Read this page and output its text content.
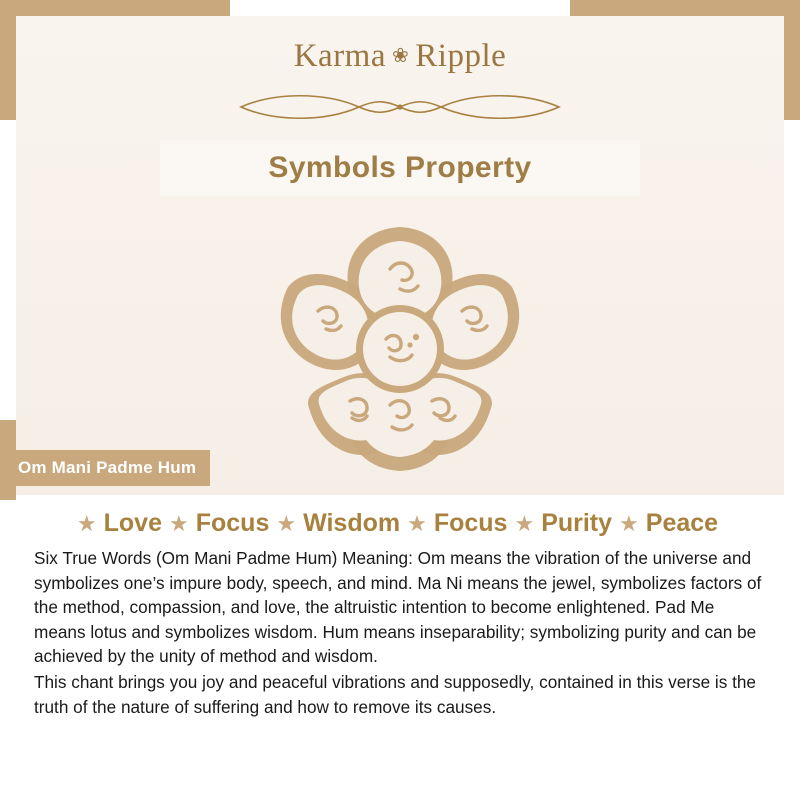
Karma ❀ Ripple
Symbols Property
Om Mani Padme Hum
★ Love ★ Focus ★ Wisdom ★ Focus ★ Purity ★ Peace

Six True Words (Om Mani Padme Hum) Meaning: Om means the vibration of the universe and symbolizes one’s impure body, speech, and mind. Ma Ni means the jewel, symbolizes factors of the method, compassion, and love, the altruistic intention to become enlightened. Pad Me means lotus and symbolizes wisdom. Hum means inseparability; symbolizing purity and can be achieved by the unity of method and wisdom.

This chant brings you joy and peaceful vibrations and supposedly, contained in this verse is the truth of the nature of suffering and how to remove its causes.
